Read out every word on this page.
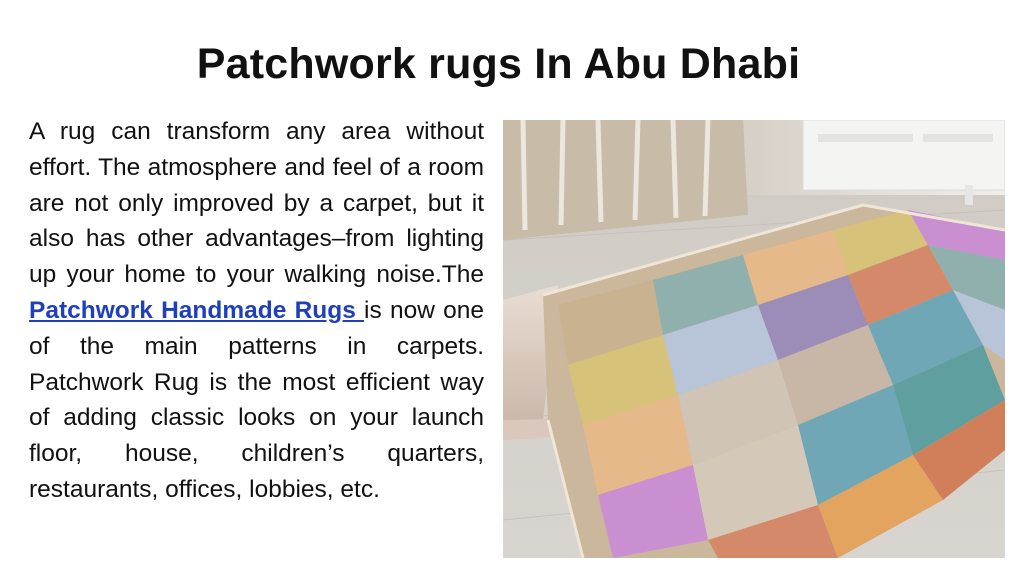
Patchwork rugs In Abu Dhabi

A rug can transform any area without effort. The atmosphere and feel of a room are not only improved by a carpet, but it also has other advantages–from lighting up your home to your walking noise.The Patchwork Handmade Rugs is now one of the main patterns in carpets. Patchwork Rug is the most efficient way of adding classic looks on your launch floor, house, children’s quarters, restaurants, offices, lobbies, etc.
